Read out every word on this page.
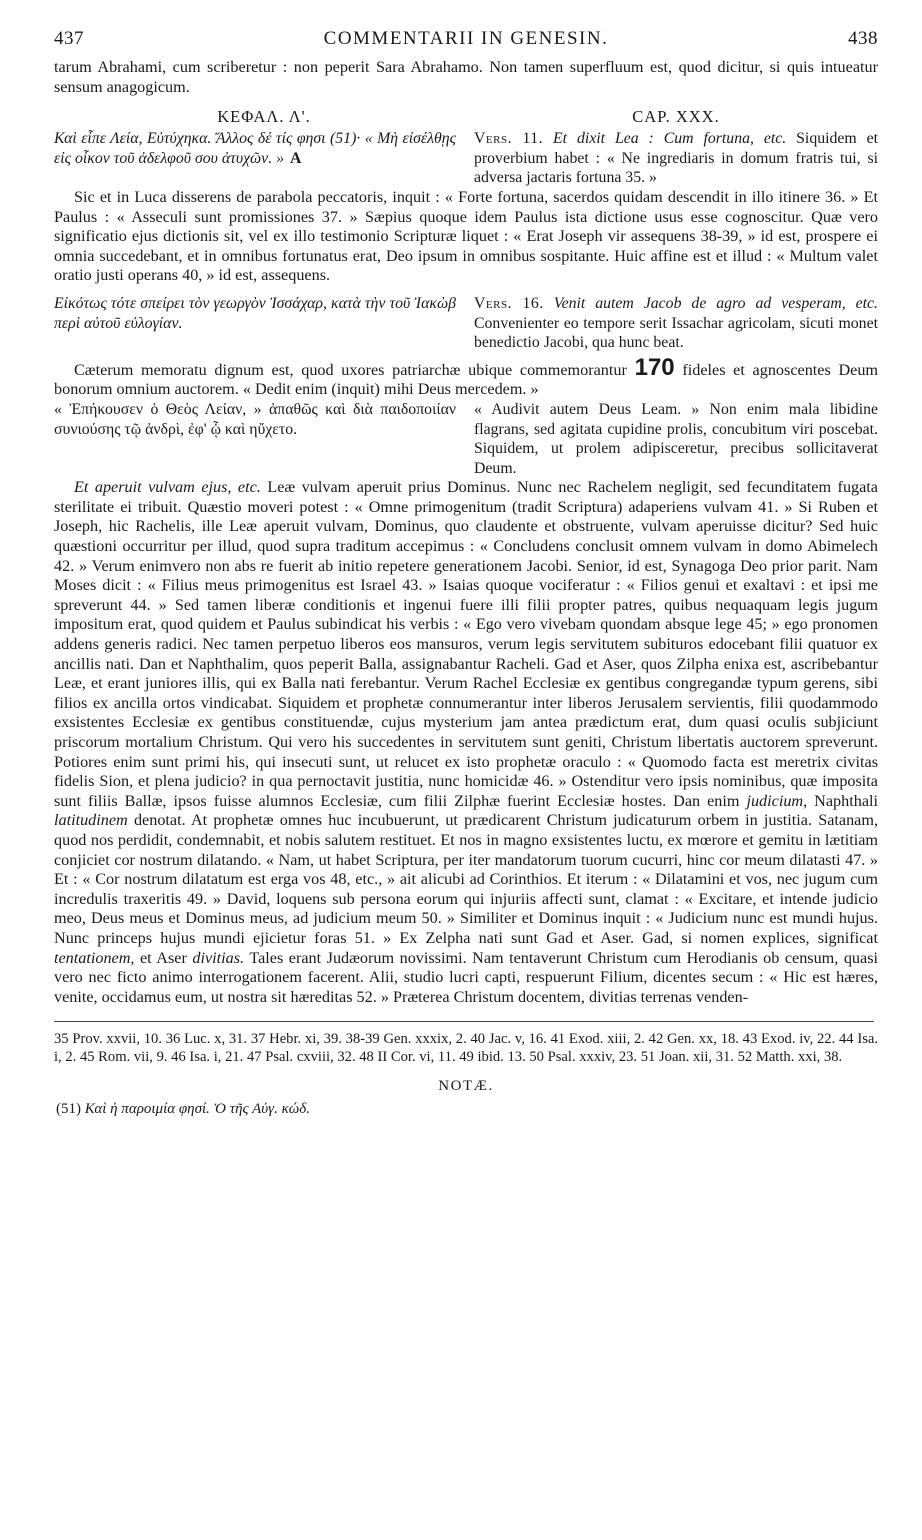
437	COMMENTARII IN GENESIN.	438

tarum Abrahami, cum scriberetur : non peperit Sara Abrahamo. Non tamen superfluum est, quod dicitur, si quis intueatur sensum anagogicum.

ΚΕΦΑΛ. Λ'.	CAP. XXX.
Καὶ εἶπε Λεία, Εὐτύχηκα. Ἄλλος δέ τίς φησι (51)· « Μὴ εἰσέλθῃς εἰς οἶκον τοῦ ἀδελφοῦ σου ἀτυχῶν. » A
Vers. 11. Et dixit Lea : Cum fortuna, etc. Siquidem et proverbium habet : « Ne ingrediaris in domum fratris tui, si adversa jactaris fortuna 35. »

Sic et in Luca disserens de parabola peccatoris, inquit : « Forte fortuna, sacerdos quidam descendit in illo itinere 36. » Et Paulus : « Asseculi sunt promissiones 37. » Sæpius quoque idem Paulus ista dictione usus esse cognoscitur. Quæ vero significatio ejus dictionis sit, vel ex illo testimonio Scripturæ liquet : « Erat Joseph vir assequens 38-39, » id est, prospere ei omnia succedebant, et in omnibus fortunatus erat, Deo ipsum in omnibus sospitante. Huic affine est et illud : « Multum valet oratio justi operans 40, » id est, assequens.

Εἰκότως τότε σπείρει τὸν γεωργὸν Ἰσσάχαρ, κατὰ τὴν τοῦ Ἰακὼβ περὶ αὐτοῦ εὐλογίαν.
Vers. 16. Venit autem Jacob de agro ad vesperam, etc. Convenienter eo tempore serit Issachar agricolam, sicuti monet benedictio Jacobi, qua hunc beat.

Cæterum memoratu dignum est, quod uxores patriarchæ ubique commemorantur 170 fideles et agnoscentes Deum bonorum omnium auctorem. « Dedit enim (inquit) mihi Deus mercedem. »

« Ἐπήκουσεν ὁ Θεὸς Λείαν, » ἀπαθῶς καὶ διὰ παιδοποιίαν συνιούσης τῷ ἀνδρὶ, ἐφ' ᾧ καὶ ηὔχετο.
« Audivit autem Deus Leam. » Non enim mala libidine flagrans, sed agitata cupidine prolis, concubitum viri poscebat. Siquidem, ut prolem adipisceretur, precibus sollicitaverat Deum.

Et aperuit vulvam ejus, etc. Leæ vulvam aperuit prius Dominus. Nunc nec Rachelem negligit, sed fecunditatem fugata sterilitate ei tribuit. Quæstio moveri potest : « Omne primogenitum (tradit Scriptura) adaperiens vulvam 41. » Si Ruben et Joseph, hic Rachelis, ille Leæ aperuit vulvam, Dominus, quo claudente et obstruente, vulvam aperuisse dicitur? Sed huic quæstioni occurritur per illud, quod supra traditum accepimus : « Concludens conclusit omnem vulvam in domo Abimelech 42. » Verum enimvero non abs re fuerit ab initio repetere generationem Jacobi. Senior, id est, Synagoga Deo prior parit. Nam Moses dicit : « Filius meus primogenitus est Israel 43. » Isaias quoque vociferatur : « Filios genui et exaltavi : et ipsi me spreverunt 44. » Sed tamen liberæ conditionis et ingenui fuere illi filii propter patres, quibus nequaquam legis jugum impositum erat, quod quidem et Paulus subindicat his verbis : « Ego vero vivebam quondam absque lege 45; » ego pronomen addens generis radici. Nec tamen perpetuo liberos eos mansuros, verum legis servitutem subituros edocebant filii quatuor ex ancillis nati. Dan et Naphthalim, quos peperit Balla, assignabantur Racheli. Gad et Aser, quos Zilpha enixa est, ascribebantur Leæ, et erant juniores illis, qui ex Balla nati ferebantur. Verum Rachel Ecclesiæ ex gentibus congregandæ typum gerens, sibi filios ex ancilla ortos vindicabat. Siquidem et prophetæ connumerantur inter liberos Jerusalem servientis, filii quodammodo exsistentes Ecclesiæ ex gentibus constituendæ, cujus mysterium jam antea prædictum erat, dum quasi oculis subjiciunt priscorum mortalium Christum. Qui vero his succedentes in servitutem sunt geniti, Christum libertatis auctorem spreverunt. Potiores enim sunt primi his, qui insecuti sunt, ut relucet ex isto prophetæ oraculo : « Quomodo facta est meretrix civitas fidelis Sion, et plena judicio? in qua pernoctavit justitia, nunc homicidæ 46. » Ostenditur vero ipsis nominibus, quæ imposita sunt filiis Ballæ, ipsos fuisse alumnos Ecclesiæ, cum filii Zilphæ fuerint Ecclesiæ hostes. Dan enim judicium, Naphthali latitudinem denotat. At prophetæ omnes huc incubuerunt, ut prædicarent Christum judicaturum orbem in justitia. Satanam, quod nos perdidit, condemnabit, et nobis salutem restituet. Et nos in magno exsistentes luctu, ex mœrore et gemitu in lætitiam conjiciet cor nostrum dilatando. « Nam, ut habet Scriptura, per iter mandatorum tuorum cucurri, hinc cor meum dilatasti 47. » Et : « Cor nostrum dilatatum est erga vos 48, etc., » ait alicubi ad Corinthios. Et iterum : « Dilatamini et vos, nec jugum cum incredulis traxeritis 49. » David, loquens sub persona eorum qui injuriis affecti sunt, clamat : « Excitare, et intende judicio meo, Deus meus et Dominus meus, ad judicium meum 50. » Similiter et Dominus inquit : « Judicium nunc est mundi hujus. Nunc princeps hujus mundi ejicietur foras 51. » Ex Zelpha nati sunt Gad et Aser. Gad, si nomen explices, significat tentationem, et Aser divitias. Tales erant Judæorum novissimi. Nam tentaverunt Christum cum Herodianis ob censum, quasi vero nec ficto animo interrogationem facerent. Alii, studio lucri capti, respuerunt Filium, dicentes secum : « Hic est hæres, venite, occidamus eum, ut nostra sit hæreditas 52. » Præterea Christum docentem, divitias terrenas venden-

35 Prov. xxvii, 10. 36 Luc. x, 31. 37 Hebr. xi, 39. 38-39 Gen. xxxix, 2. 40 Jac. v, 16. 41 Exod. xiii, 2. 42 Gen. xx, 18. 43 Exod. iv, 22. 44 Isa. i, 2. 45 Rom. vii, 9. 46 Isa. i, 21. 47 Psal. cxviii, 32. 48 II Cor. vi, 11. 49 ibid. 13. 50 Psal. xxxiv, 23. 51 Joan. xii, 31. 52 Matth. xxi, 38.

NOTÆ.

(51) Καὶ ἡ παροιμία φησί. Ὁ τῆς Αὐγ. κώδ.
